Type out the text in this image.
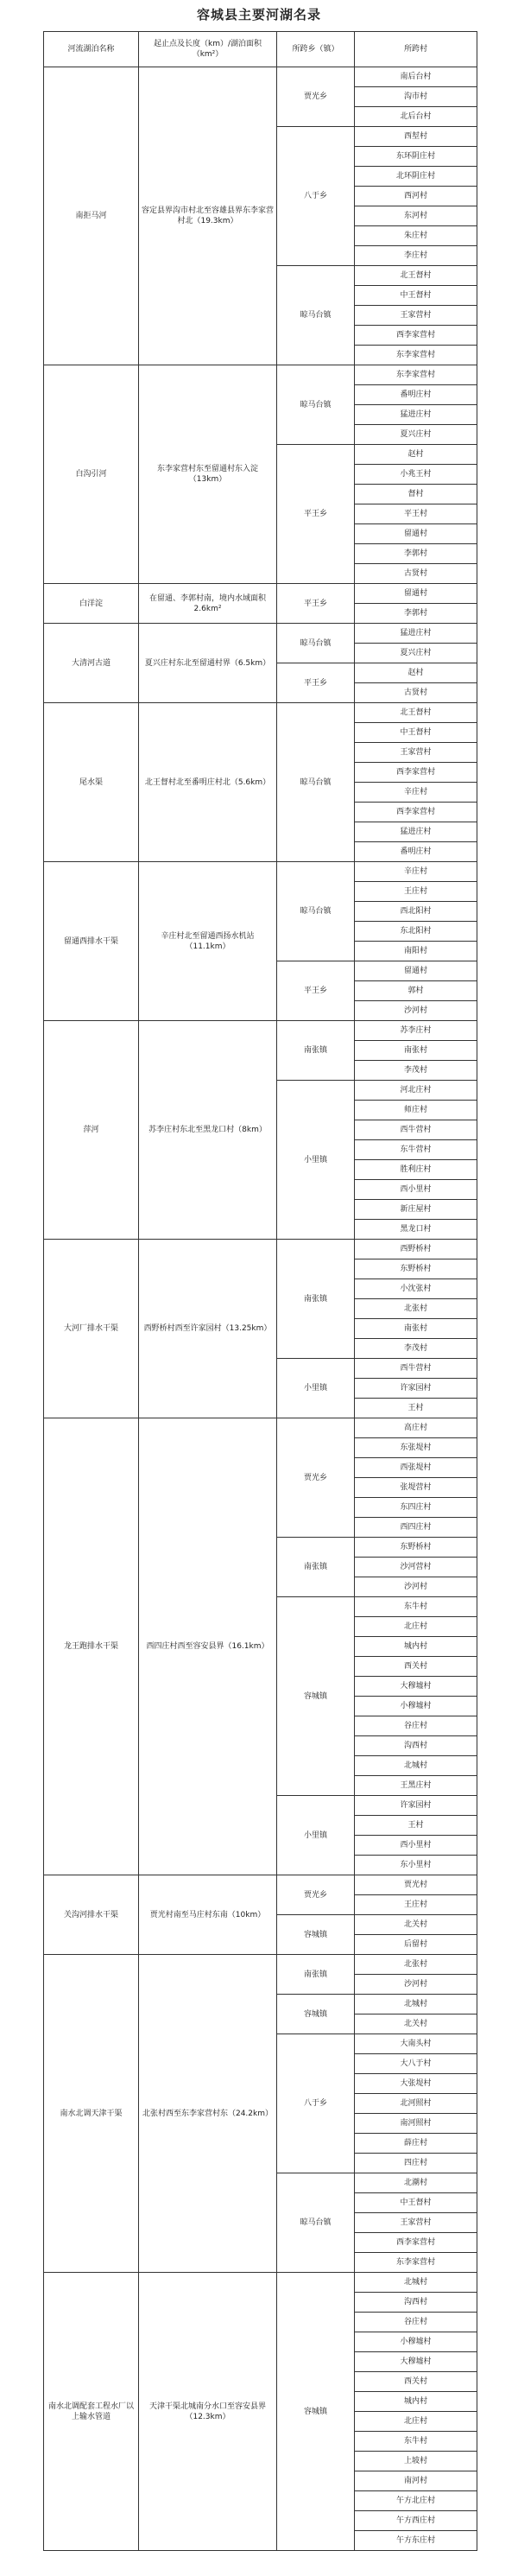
容城县主要河湖名录
河流湖泊名称	起止点及长度（km）/湖泊面积（km²）	所跨乡（镇）	所跨村
南拒马河	容定县界沟市村北至容雄县界东李家营村北（19.3km）	贾光乡	南后台村
			沟市村
			北后台村
		八于乡	西堼村
			东环阴庄村
			北环阴庄村
			西河村
			东河村
			朱庄村
			李庄村
		晾马台镇	北王督村
			中王督村
			王家营村
			西李家营村
			东李家营村
白沟引河	东李家营村东至留通村东入淀（13km）	晾马台镇	东李家营村
			番明庄村
			猛进庄村
			夏兴庄村
		平王乡	赵村
			小兆王村
			督村
			平王村
			留通村
			李郭村
			古贤村
白洋淀	在留通、李郭村南，境内水域面积2.6km²	平王乡	留通村
			李郭村
大清河古道	夏兴庄村东北至留通村界（6.5km）	晾马台镇	猛进庄村
			夏兴庄村
		平王乡	赵村
			古贤村
尾水渠	北王督村北至番明庄村北（5.6km）	晾马台镇	北王督村
			中王督村
			王家营村
			西李家营村
			辛庄村
			西李家营村
			猛进庄村
			番明庄村
留通西排水干渠	辛庄村北至留通西扬水机站（11.1km）	晾马台镇	辛庄村
			王庄村
			西北阳村
			东北阳村
			南阳村
		平王乡	留通村
			郭村
			沙河村
萍河	苏李庄村东北至黑龙口村（8km）	南张镇	苏李庄村
			南张村
			李茂村
		小里镇	河北庄村
			师庄村
			西牛营村
			东牛营村
			胜利庄村
			西小里村
			新庄屋村
			黑龙口村
大河厂排水干渠	西野桥村西至许家园村（13.25km）	南张镇	西野桥村
			东野桥村
			小沈张村
			北张村
			南张村
			李茂村
		小里镇	西牛营村
			许家园村
			王村
龙王跑排水干渠	西四庄村西至容安县界（16.1km）	贾光乡	高庄村
			东张堤村
			西张堤村
			张堤营村
			东四庄村
			西四庄村
		南张镇	东野桥村
			沙河营村
			沙河村
		容城镇	东牛村
			北庄村
			城内村
			西关村
			大穆墟村
			小穆墟村
			谷庄村
			沟西村
			北城村
			王黑庄村
		小里镇	许家园村
			王村
			西小里村
			东小里村
关沟河排水干渠	贾光村南至马庄村东南（10km）	贾光乡	贾光村
			王庄村
		容城镇	北关村
			后留村
南水北调天津干渠	北张村西至东李家营村东（24.2km）	南张镇	北张村
			沙河村
		容城镇	北城村
			北关村
		八于乡	大南头村
			大八于村
			大张堤村
			北河照村
			南河照村
			薛庄村
			四庄村
		晾马台镇	北潮村
			中王督村
			王家营村
			西李家营村
			东李家营村
南水北调配套工程水厂以上输水管道	天津干渠北城南分水口至容安县界（12.3km）	容城镇	北城村
			沟西村
			谷庄村
			小穆墟村
			大穆墟村
			西关村
			城内村
			北庄村
			东牛村
			上坡村
			南河村
			午方北庄村
			午方西庄村
			午方东庄村
